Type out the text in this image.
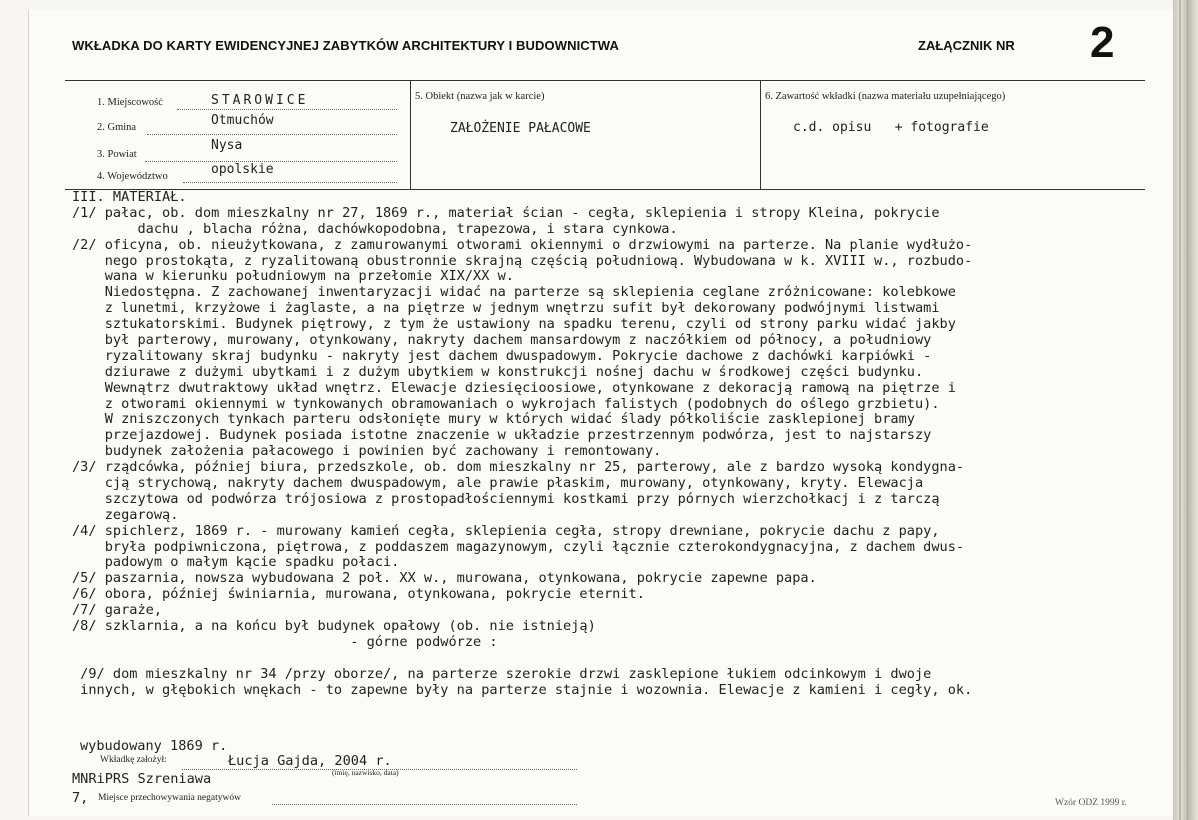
WKŁADKA DO KARTY EWIDENCYJNEJ ZABYTKÓW ARCHITEKTURY I BUDOWNICTWA	ZAŁĄCZNIK NR 2
1. Miejscowość	STAROWICE
2. Gmina	Otmuchów
3. Powiat
Nysa
4. Województwo	opolskie
5. Obiekt (nazwa jak w karcie)
ZAŁOŻENIE PAŁACOWE
6. Zawartość wkładki (nazwa materiału uzupełniającego)
c.d. opisu   + fotografie
III. MATERIAŁ.
/1/ pałac, ob. dom mieszkalny nr 27, 1869 r., materiał ścian - cegła, sklepienia i stropy Kleina, pokrycie
dachu , blacha różna, dachówkopodobna, trapezowa, i stara cynkowa.
/2/ oficyna, ob. nieużytkowana, z zamurowanymi otworami okiennymi o drzwiowymi na parterze. Na planie wydłużo-
nego prostokąta, z ryzalitowaną obustronnie skrajną częścią południową. Wybudowana w k. XVIII w., rozbudo-
wana w kierunku południowym na przełomie XIX/XX w.
Niedostępna. Z zachowanej inwentaryzacji widać na parterze są sklepienia ceglane zróżnicowane: kolebkowe
z lunetmi, krzyżowe i żaglaste, a na piętrze w jednym wnętrzu sufit był dekorowany podwójnymi listwami
sztukatorskimi. Budynek piętrowy, z tym że ustawiony na spadku terenu, czyli od strony parku widać jakby
był parterowy, murowany, otynkowany, nakryty dachem mansardowym z naczółkiem od północy, a południowy
ryzalitowany skraj budynku - nakryty jest dachem dwuspadowym. Pokrycie dachowe z dachówki karpiówki -
dziurawe z dużymi ubytkami i z dużym ubytkiem w konstrukcji nośnej dachu w środkowej części budynku.
Wewnątrz dwutraktowy układ wnętrz. Elewacje dziesięcioosiowe, otynkowane z dekoracją ramową na piętrze i
z otworami okiennymi w tynkowanych obramowaniach o wykrojach falistych (podobnych do oślego grzbietu).
W zniszczonych tynkach parteru odsłonięte mury w których widać ślady półkoliście zasklepionej bramy
przejazdowej. Budynek posiada istotne znaczenie w układzie przestrzennym podwórza, jest to najstarszy
budynek założenia pałacowego i powinien być zachowany i remontowany.
/3/ rządcówka, później biura, przedszkole, ob. dom mieszkalny nr 25, parterowy, ale z bardzo wysoką kondygna-
cją strychową, nakryty dachem dwuspadowym, ale prawie płaskim, murowany, otynkowany, kryty. Elewacja
szczytowa od podwórza trójosiowa z prostopadłościennymi kostkami przy pórnych wierzchołkacj i z tarczą
zegarową.
/4/ spichlerz, 1869 r. - murowany kamień cegła, sklepienia cegła, stropy drewniane, pokrycie dachu z papy,
bryła podpiwniczona, piętrowa, z poddaszem magazynowym, czyli łącznie czterokondygnacyjna, z dachem dwus-
padowym o małym kącie spadku połaci.
/5/ paszarnia, nowsza wybudowana 2 poł. XX w., murowana, otynkowana, pokrycie zapewne papa.
/6/ obora, później świniarnia, murowana, otynkowana, pokrycie eternit.
/7/ garaże,
/8/ szklarnia, a na końcu był budynek opałowy (ob. nie istnieją)
- górne podwórze :
/9/ dom mieszkalny nr 34 /przy oborze/, na parterze szerokie drzwi zasklepione łukiem odcinkowym i dwoje
innych, w głębokich wnękach - to zapewne były na parterze stajnie i wozownia. Elewacje z kamieni i cegły, ok.
wybudowany 1869 r.
Wkładkę założył:	Łucja Gajda, 2004 r.
(imię, nazwisko, data)
MNRiPRS Szreniawa
7, Miejsce przechowywania negatywów	Wzór ODZ 1999 r.
